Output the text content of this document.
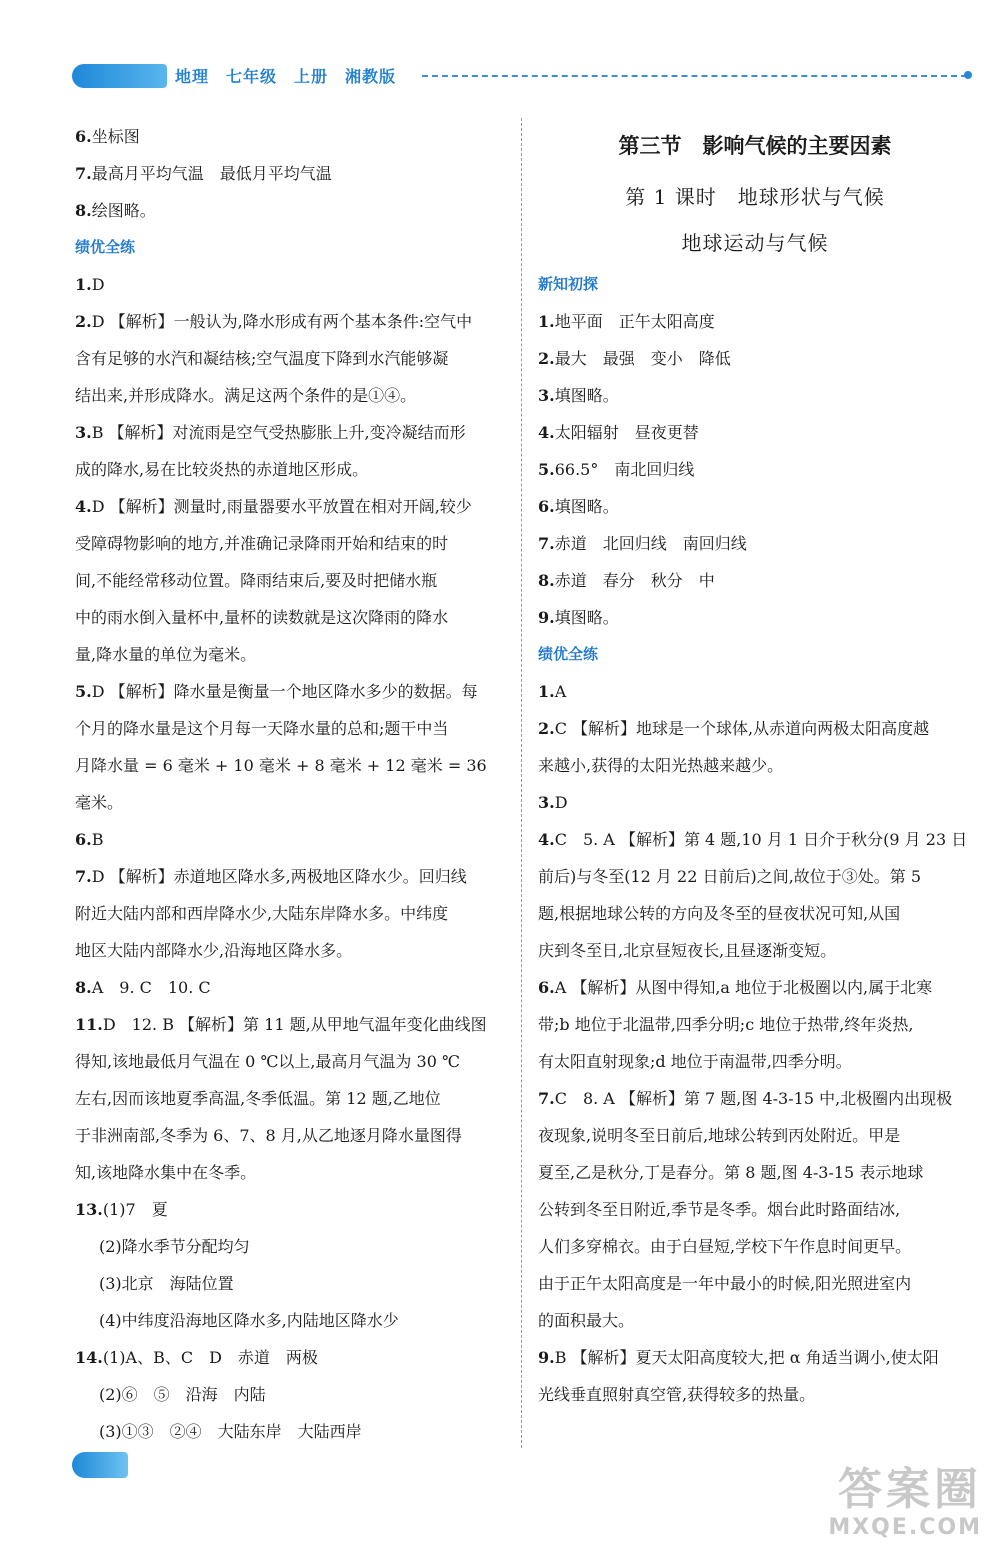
地理　七年级　上册　湘教版
6.坐标图
7.最高月平均气温　最低月平均气温
8.绘图略。
绩优全练
1.D
2.D 【解析】一般认为,降水形成有两个基本条件:空气中
含有足够的水汽和凝结核;空气温度下降到水汽能够凝
结出来,并形成降水。满足这两个条件的是①④。
3.B 【解析】对流雨是空气受热膨胀上升,变冷凝结而形
成的降水,易在比较炎热的赤道地区形成。
4.D 【解析】测量时,雨量器要水平放置在相对开阔,较少
受障碍物影响的地方,并准确记录降雨开始和结束的时
间,不能经常移动位置。降雨结束后,要及时把储水瓶
中的雨水倒入量杯中,量杯的读数就是这次降雨的降水
量,降水量的单位为毫米。
5.D 【解析】降水量是衡量一个地区降水多少的数据。每
个月的降水量是这个月每一天降水量的总和;题干中当
月降水量 = 6 毫米 + 10 毫米 + 8 毫米 + 12 毫米 = 36
毫米。
6.B
7.D 【解析】赤道地区降水多,两极地区降水少。回归线
附近大陆内部和西岸降水少,大陆东岸降水多。中纬度
地区大陆内部降水少,沿海地区降水多。
8.A　9. C　10. C
11.D　12. B 【解析】第 11 题,从甲地气温年变化曲线图
得知,该地最低月气温在 0 ℃以上,最高月气温为 30 ℃
左右,因而该地夏季高温,冬季低温。第 12 题,乙地位
于非洲南部,冬季为 6、7、8 月,从乙地逐月降水量图得
知,该地降水集中在冬季。
13.(1)7　夏
(2)降水季节分配均匀
(3)北京　海陆位置
(4)中纬度沿海地区降水多,内陆地区降水少
14.(1)A、B、C　D　赤道　两极
(2)⑥　⑤　沿海　内陆
(3)①③　②④　大陆东岸　大陆西岸
第三节　影响气候的主要因素
第 1 课时　地球形状与气候
地球运动与气候
新知初探
1.地平面　正午太阳高度
2.最大　最强　变小　降低
3.填图略。
4.太阳辐射　昼夜更替
5.66.5°　南北回归线
6.填图略。
7.赤道　北回归线　南回归线
8.赤道　春分　秋分　中
9.填图略。
绩优全练
1.A
2.C 【解析】地球是一个球体,从赤道向两极太阳高度越
来越小,获得的太阳光热越来越少。
3.D
4.C　5. A 【解析】第 4 题,10 月 1 日介于秋分(9 月 23 日
前后)与冬至(12 月 22 日前后)之间,故位于③处。第 5
题,根据地球公转的方向及冬至的昼夜状况可知,从国
庆到冬至日,北京昼短夜长,且昼逐渐变短。
6.A 【解析】从图中得知,a 地位于北极圈以内,属于北寒
带;b 地位于北温带,四季分明;c 地位于热带,终年炎热,
有太阳直射现象;d 地位于南温带,四季分明。
7.C　8. A 【解析】第 7 题,图 4-3-15 中,北极圈内出现极
夜现象,说明冬至日前后,地球公转到丙处附近。甲是
夏至,乙是秋分,丁是春分。第 8 题,图 4-3-15 表示地球
公转到冬至日附近,季节是冬季。烟台此时路面结冰,
人们多穿棉衣。由于白昼短,学校下午作息时间更早。
由于正午太阳高度是一年中最小的时候,阳光照进室内
的面积最大。
9.B 【解析】夏天太阳高度较大,把 α 角适当调小,使太阳
光线垂直照射真空管,获得较多的热量。
答案圈
MXQE.COM
